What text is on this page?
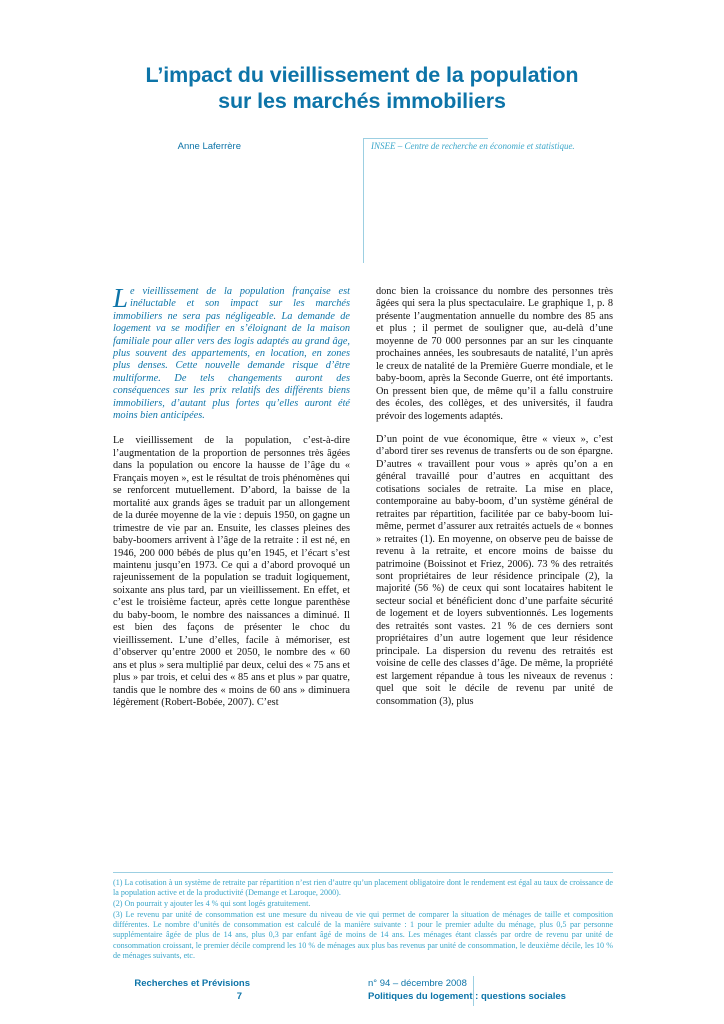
L’impact du vieillissement de la population
sur les marchés immobiliers
Anne Laferrère	INSEE – Centre de recherche en économie et statistique.

Le vieillissement de la population française est inéluctable et son impact sur les marchés immobiliers ne sera pas négligeable. La demande de logement va se modifier en s’éloignant de la maison familiale pour aller vers des logis adaptés au grand âge, plus souvent des appartements, en location, en zones plus denses. Cette nouvelle demande risque d’être multiforme. De tels changements auront des conséquences sur les prix relatifs des différents biens immobiliers, d’autant plus fortes qu’elles auront été moins bien anticipées.

Le vieillissement de la population, c’est-à-dire l’augmentation de la proportion de personnes très âgées dans la population ou encore la hausse de l’âge du « Français moyen », est le résultat de trois phénomènes qui se renforcent mutuellement. D’abord, la baisse de la mortalité aux grands âges se traduit par un allongement de la durée moyenne de la vie : depuis 1950, on gagne un trimestre de vie par an. Ensuite, les classes pleines des baby-boomers arrivent à l’âge de la retraite : il est né, en 1946, 200 000 bébés de plus qu’en 1945, et l’écart s’est maintenu jusqu’en 1973. Ce qui a d’abord provoqué un rajeunissement de la population se traduit logiquement, soixante ans plus tard, par un vieillissement. En effet, et c’est le troisième facteur, après cette longue parenthèse du baby-boom, le nombre des naissances a diminué. Il est bien des façons de présenter le choc du vieillissement. L’une d’elles, facile à mémoriser, est d’observer qu’entre 2000 et 2050, le nombre des « 60 ans et plus » sera multiplié par deux, celui des « 75 ans et plus » par trois, et celui des « 85 ans et plus » par quatre, tandis que le nombre des « moins de 60 ans » diminuera légèrement (Robert-Bobée, 2007). C’est

donc bien la croissance du nombre des personnes très âgées qui sera la plus spectaculaire. Le graphique 1, p. 8 présente l’augmentation annuelle du nombre des 85 ans et plus ; il permet de souligner que, au-delà d’une moyenne de 70 000 personnes par an sur les cinquante prochaines années, les soubresauts de natalité, l’un après le creux de natalité de la Première Guerre mondiale, et le baby-boom, après la Seconde Guerre, ont été importants. On pressent bien que, de même qu’il a fallu construire des écoles, des collèges, et des universités, il faudra prévoir des logements adaptés.

D’un point de vue économique, être « vieux », c’est d’abord tirer ses revenus de transferts ou de son épargne. D’autres « travaillent pour vous » après qu’on a en général travaillé pour d’autres en acquittant des cotisations sociales de retraite. La mise en place, contemporaine au baby-boom, d’un système général de retraites par répartition, facilitée par ce baby-boom lui-même, permet d’assurer aux retraités actuels de « bonnes » retraites (1). En moyenne, on observe peu de baisse de revenu à la retraite, et encore moins de baisse du patrimoine (Boissinot et Friez, 2006). 73 % des retraités sont propriétaires de leur résidence principale (2), la majorité (56 %) de ceux qui sont locataires habitent le secteur social et bénéficient donc d’une parfaite sécurité de logement et de loyers subventionnés. Les logements des retraités sont vastes. 21 % de ces derniers sont propriétaires d’un autre logement que leur résidence principale. La dispersion du revenu des retraités est voisine de celle des classes d’âge. De même, la propriété est largement répandue à tous les niveaux de revenus : quel que soit le décile de revenu par unité de consommation (3), plus

(1) La cotisation à un système de retraite par répartition n’est rien d’autre qu’un placement obligatoire dont le rendement est égal au taux de croissance de la population active et de la productivité (Demange et Laroque, 2000).

(2) On pourrait y ajouter les 4 % qui sont logés gratuitement.

(3) Le revenu par unité de consommation est une mesure du niveau de vie qui permet de comparer la situation de ménages de taille et composition différentes. Le nombre d’unités de consommation est calculé de la manière suivante : 1 pour le premier adulte du ménage, plus 0,5 par personne supplémentaire âgée de plus de 14 ans, plus 0,3 par enfant âgé de moins de 14 ans. Les ménages étant classés par ordre de revenu par unité de consommation croissant, le premier décile comprend les 10 % de ménages aux plus bas revenus par unité de consommation, le deuxième décile, les 10 % de ménages suivants, etc.

Recherches et Prévisions
7
n° 94 – décembre 2008
Politiques du logement : questions sociales
